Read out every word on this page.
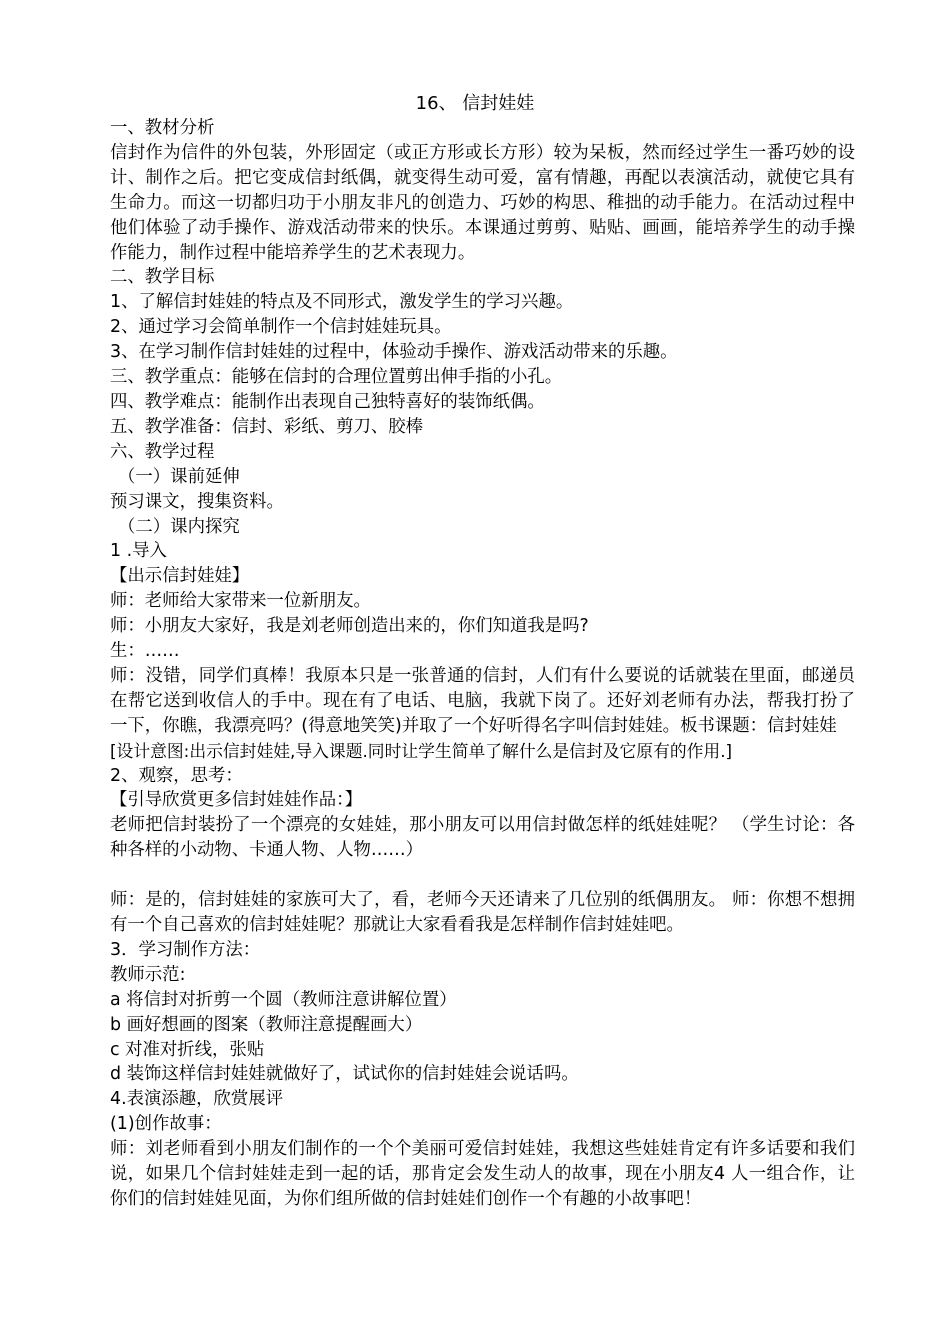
16、 信封娃娃

一、教材分析

信封作为信件的外包装，外形固定（或正方形或长方形）较为呆板，然而经过学生一番巧妙的设计、制作之后。把它变成信封纸偶，就变得生动可爱，富有情趣，再配以表演活动，就使它具有生命力。而这一切都归功于小朋友非凡的创造力、巧妙的构思、稚拙的动手能力。在活动过程中他们体验了动手操作、游戏活动带来的快乐。本课通过剪剪、贴贴、画画，能培养学生的动手操作能力，制作过程中能培养学生的艺术表现力。

二、教学目标

1、了解信封娃娃的特点及不同形式，激发学生的学习兴趣。

2、通过学习会简单制作一个信封娃娃玩具。

3、在学习制作信封娃娃的过程中，体验动手操作、游戏活动带来的乐趣。

三、教学重点：能够在信封的合理位置剪出伸手指的小孔。

四、教学难点：能制作出表现自己独特喜好的装饰纸偶。

五、教学准备：信封、彩纸、剪刀、胶棒

六、教学过程

（一）课前延伸

预习课文，搜集资料。

（二）课内探究

1 .导入

【出示信封娃娃】

师：老师给大家带来一位新朋友。

师：小朋友大家好，我是刘老师创造出来的，你们知道我是吗?

生：……

师：没错，同学们真棒！我原本只是一张普通的信封，人们有什么要说的话就装在里面，邮递员在帮它送到收信人的手中。现在有了电话、电脑，我就下岗了。还好刘老师有办法，帮我打扮了一下，你瞧，我漂亮吗？(得意地笑笑)并取了一个好听得名字叫信封娃娃。板书课题：信封娃娃

[设计意图:出示信封娃娃,导入课题.同时让学生简单了解什么是信封及它原有的作用.]

2、观察，思考：

【引导欣赏更多信封娃娃作品：】

老师把信封装扮了一个漂亮的女娃娃，那小朋友可以用信封做怎样的纸娃娃呢？ （学生讨论：各种各样的小动物、卡通人物、人物……）

师：是的，信封娃娃的家族可大了，看，老师今天还请来了几位别的纸偶朋友。 师：你想不想拥有一个自己喜欢的信封娃娃呢？那就让大家看看我是怎样制作信封娃娃吧。

3．学习制作方法：

教师示范:

a 将信封对折剪一个圆（教师注意讲解位置）

b 画好想画的图案（教师注意提醒画大）

c 对准对折线，张贴

d 装饰这样信封娃娃就做好了，试试你的信封娃娃会说话吗。

4.表演添趣，欣赏展评

(1)创作故事：

师：刘老师看到小朋友们制作的一个个美丽可爱信封娃娃，我想这些娃娃肯定有许多话要和我们说，如果几个信封娃娃走到一起的话，那肯定会发生动人的故事，现在小朋友4 人一组合作，让你们的信封娃娃见面，为你们组所做的信封娃娃们创作一个有趣的小故事吧！
